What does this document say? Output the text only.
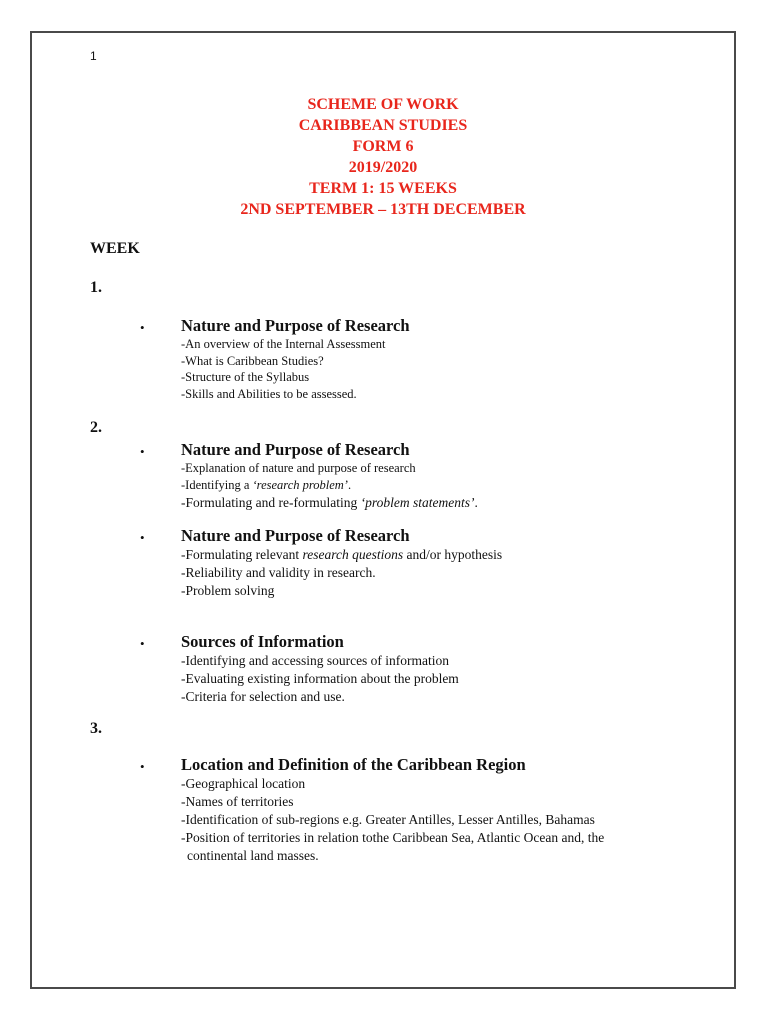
1
SCHEME OF WORK
CARIBBEAN STUDIES
FORM 6
2019/2020
TERM 1: 15 WEEKS
2ND SEPTEMBER – 13TH DECEMBER
WEEK
1.
• Nature and Purpose of Research
-An overview of the Internal Assessment
-What is Caribbean Studies?
-Structure of the Syllabus
-Skills and Abilities to be assessed.
2.
• Nature and Purpose of Research
-Explanation of nature and purpose of research
-Identifying a ‘research problem’.
-Formulating and re-formulating ‘problem statements’.
• Nature and Purpose of Research
-Formulating relevant research questions and/or hypothesis
-Reliability and validity in research.
-Problem solving
• Sources of Information
-Identifying and accessing sources of information
-Evaluating existing information about the problem
-Criteria for selection and use.
3.
• Location and Definition of the Caribbean Region
-Geographical location
-Names of territories
-Identification of sub-regions e.g. Greater Antilles, Lesser Antilles, Bahamas
-Position of territories in relation tothe Caribbean Sea, Atlantic Ocean and, the
continental land masses.
